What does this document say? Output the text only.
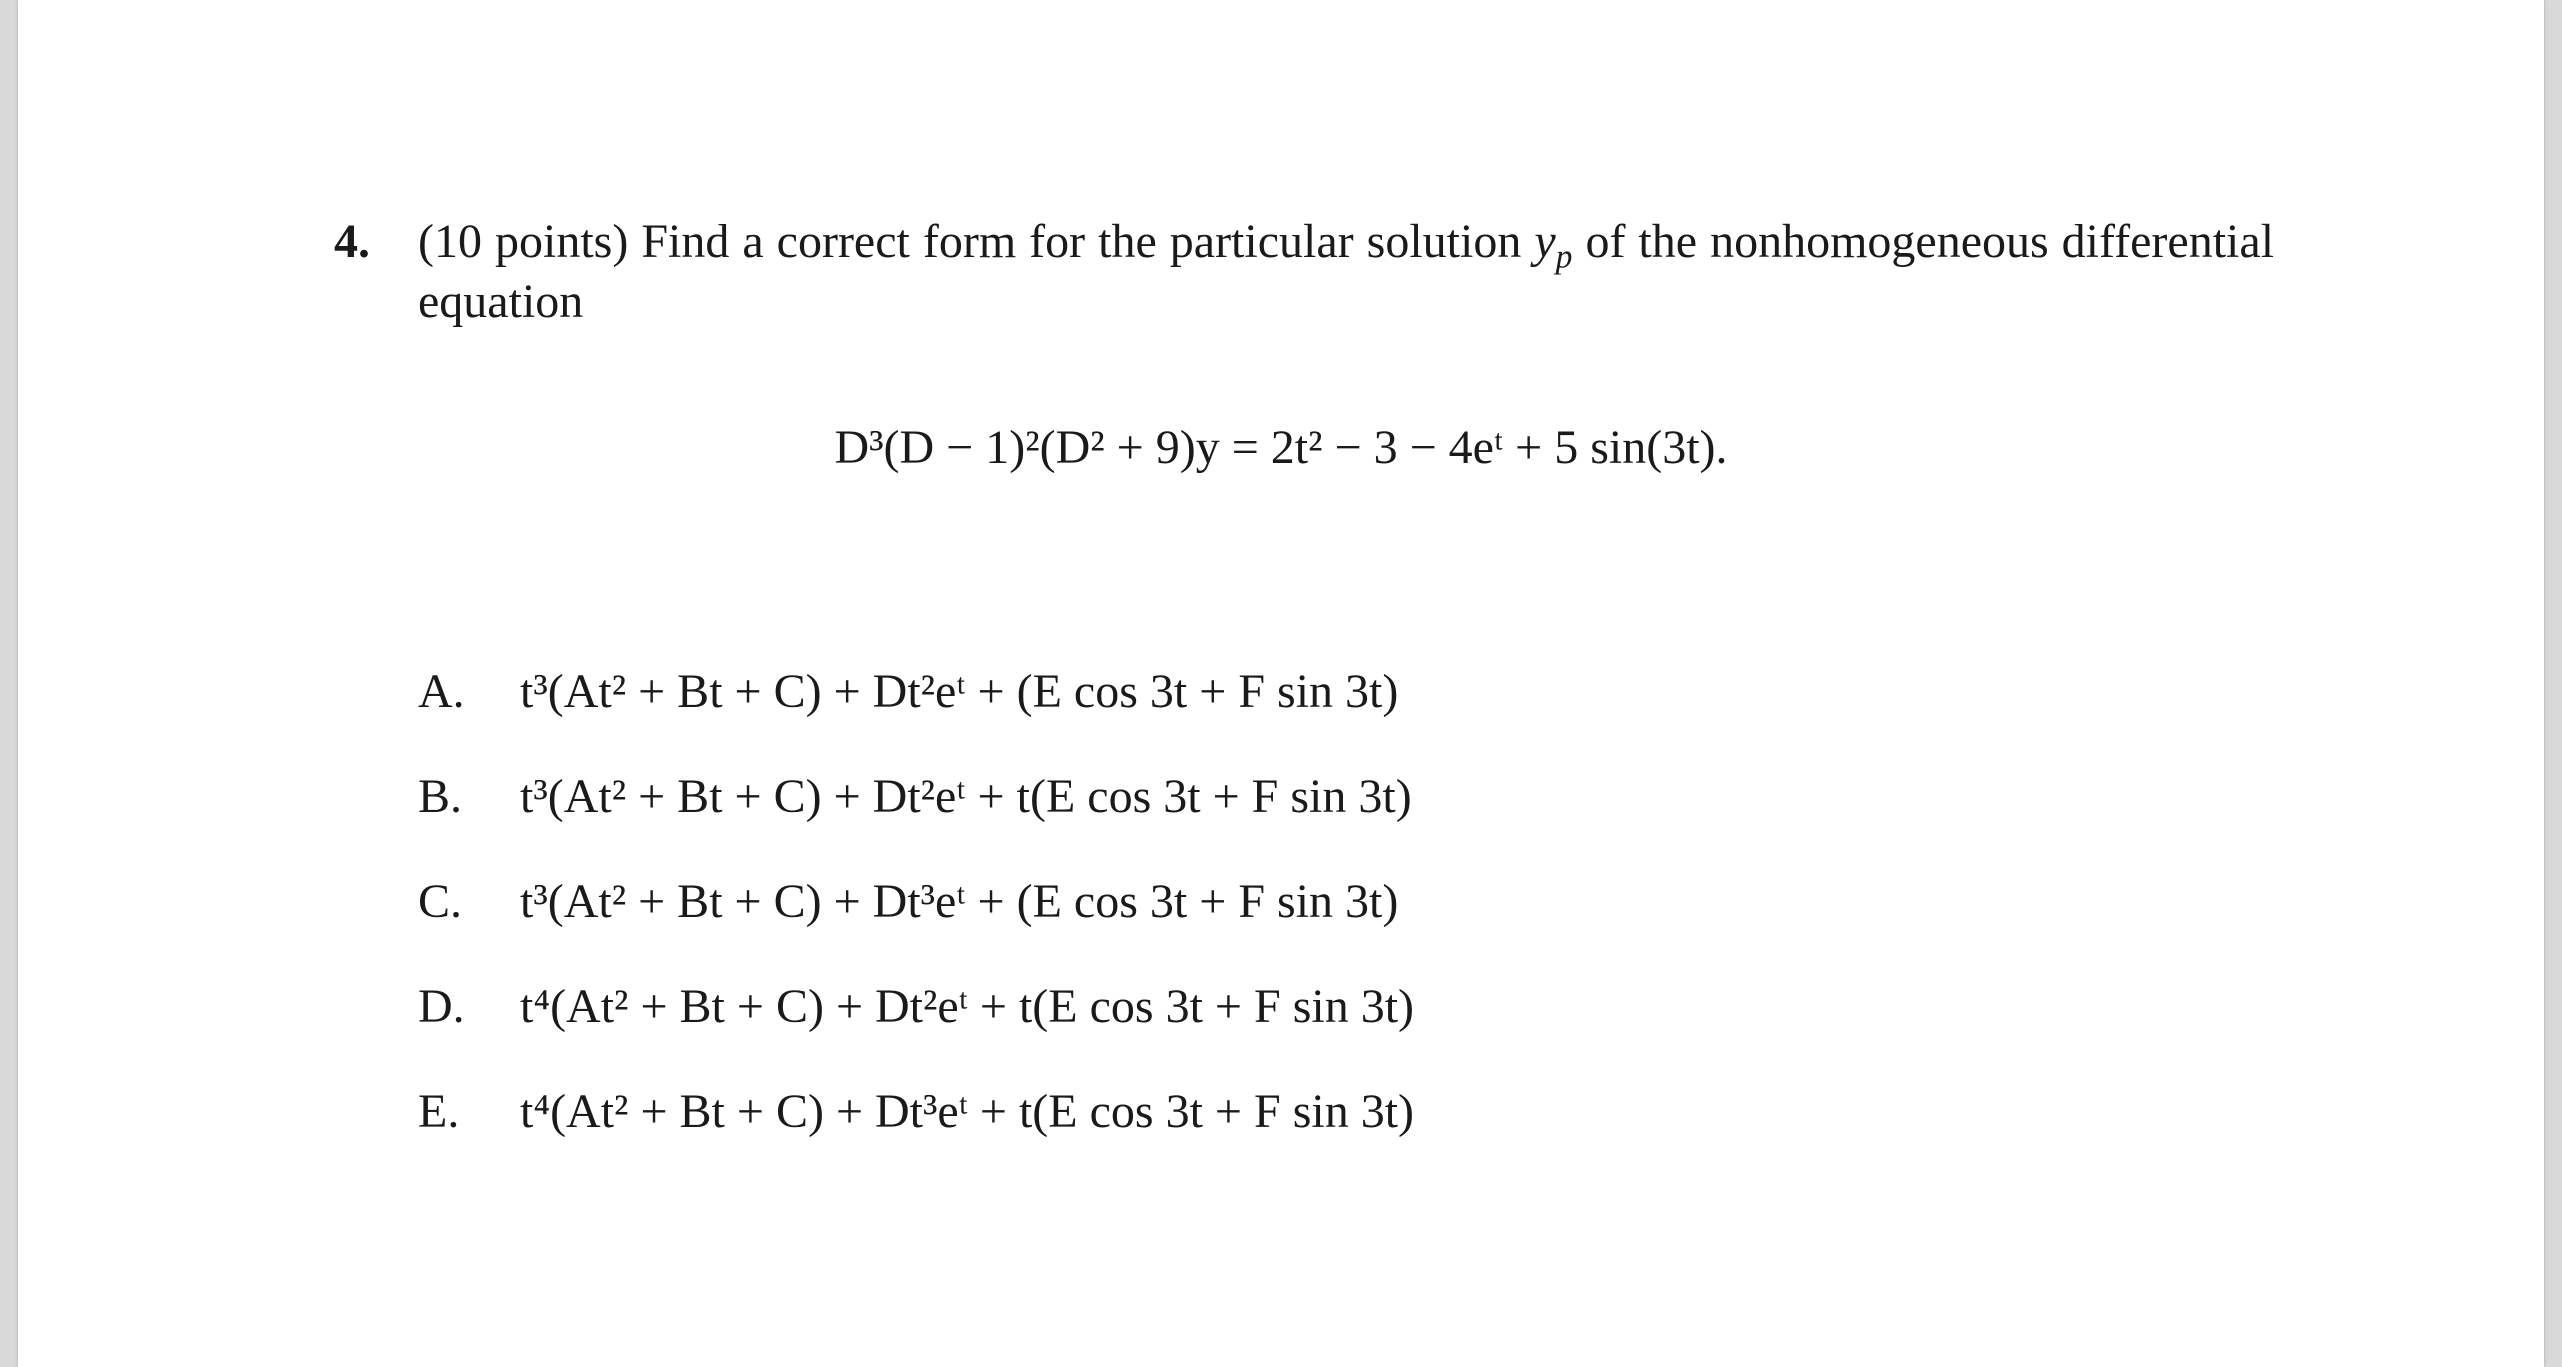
4. (10 points) Find a correct form for the particular solution $y_p$ of the nonhomogeneous differential equation
D³(D − 1)²(D² + 9)y = 2t² − 3 − 4eᵗ + 5 sin(3t).
A. t³(At² + Bt + C) + Dt²eᵗ + (E cos 3t + F sin 3t)
B. t³(At² + Bt + C) + Dt²eᵗ + t(E cos 3t + F sin 3t)
C. t³(At² + Bt + C) + Dt³eᵗ + (E cos 3t + F sin 3t)
D. t⁴(At² + Bt + C) + Dt²eᵗ + t(E cos 3t + F sin 3t)
E. t⁴(At² + Bt + C) + Dt³eᵗ + t(E cos 3t + F sin 3t)
